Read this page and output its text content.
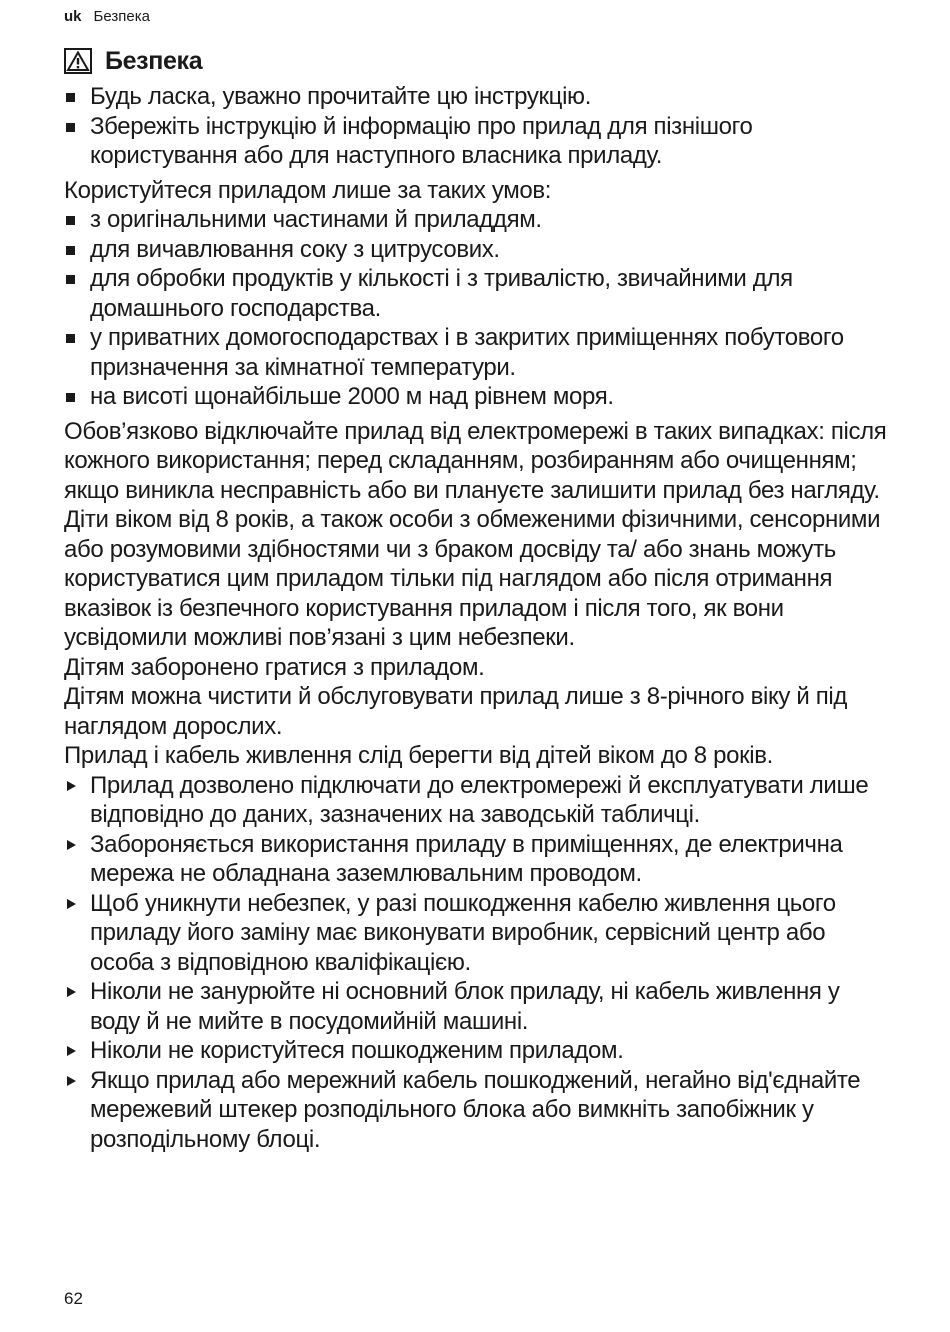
uk Безпека
Безпека
Будь ласка, уважно прочитайте цю інструкцію.
Збережіть інструкцію й інформацію про прилад для пізнішого користування або для наступного власника приладу.

Користуйтеся приладом лише за таких умов:

з оригінальними частинами й приладдям.
для вичавлювання соку з цитрусових.
для обробки продуктів у кількості і з тривалістю, звичайними для домашнього господарства.
у приватних домогосподарствах і в закритих приміщеннях побутового призначення за кімнатної температури.
на висоті щонайбільше 2000 м над рівнем моря.

Обов’язково відключайте прилад від електромережі в таких випадках: після кожного використання; перед складанням, розбиранням або очищенням; якщо виникла несправність або ви плануєте залишити прилад без нагляду.

Діти віком від 8 років, а також особи з обмеженими фізичними, сенсорними або розумовими здібностями чи з браком досвіду та/ або знань можуть користуватися цим приладом тільки під наглядом або після отримання вказівок із безпечного користування приладом і після того, як вони усвідомили можливі пов’язані з цим небезпеки.

Дітям заборонено гратися з приладом.

Дітям можна чистити й обслуговувати прилад лише з 8-річного віку й під наглядом дорослих.

Прилад і кабель живлення слід берегти від дітей віком до 8 років.

Прилад дозволено підключати до електромережі й експлуатувати лише відповідно до даних, зазначених на заводській табличці.
Забороняється використання приладу в приміщеннях, де електрична мережа не обладнана заземлювальним проводом.
Щоб уникнути небезпек, у разі пошкодження кабелю живлення цього приладу його заміну має виконувати виробник, сервісний центр або особа з відповідною кваліфікацією.
Ніколи не занурюйте ні основний блок приладу, ні кабель живлення у воду й не мийте в посудомийній машині.
Ніколи не користуйтеся пошкодженим приладом.
Якщо прилад або мережний кабель пошкоджений, негайно від'єднайте мережевий штекер розподільного блока або вимкніть запобіжник у розподільному блоці.
62
